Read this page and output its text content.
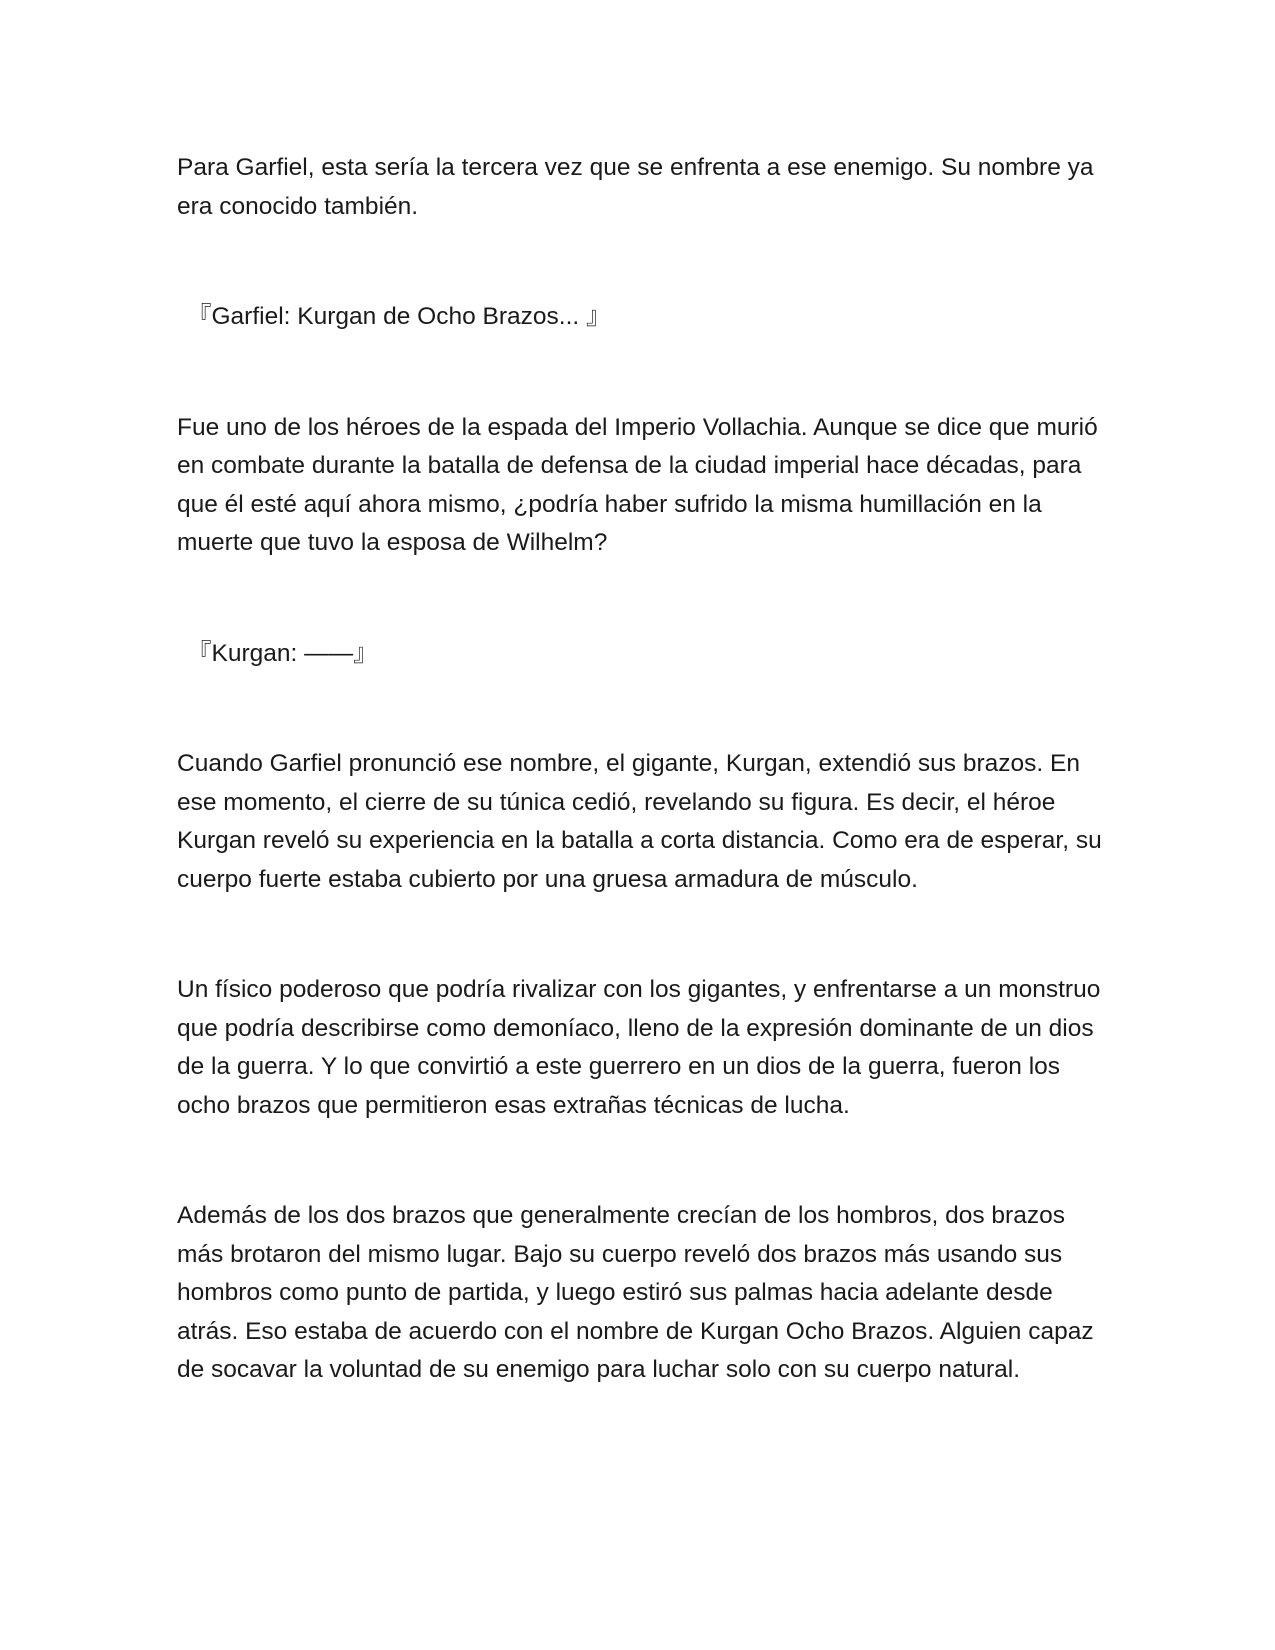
Para Garfiel, esta sería la tercera vez que se enfrenta a ese enemigo. Su nombre ya era conocido también.

『Garfiel: Kurgan de Ocho Brazos... 』

Fue uno de los héroes de la espada del Imperio Vollachia. Aunque se dice que murió en combate durante la batalla de defensa de la ciudad imperial hace décadas, para que él esté aquí ahora mismo, ¿podría haber sufrido la misma humillación en la muerte que tuvo la esposa de Wilhelm?

『Kurgan: ——』

Cuando Garfiel pronunció ese nombre, el gigante, Kurgan, extendió sus brazos. En ese momento, el cierre de su túnica cedió, revelando su figura. Es decir, el héroe Kurgan reveló su experiencia en la batalla a corta distancia. Como era de esperar, su cuerpo fuerte estaba cubierto por una gruesa armadura de músculo.

Un físico poderoso que podría rivalizar con los gigantes, y enfrentarse a un monstruo que podría describirse como demoníaco, lleno de la expresión dominante de un dios de la guerra. Y lo que convirtió a este guerrero en un dios de la guerra, fueron los ocho brazos que permitieron esas extrañas técnicas de lucha.

Además de los dos brazos que generalmente crecían de los hombros, dos brazos más brotaron del mismo lugar. Bajo su cuerpo reveló dos brazos más usando sus hombros como punto de partida, y luego estiró sus palmas hacia adelante desde atrás. Eso estaba de acuerdo con el nombre de Kurgan Ocho Brazos. Alguien capaz de socavar la voluntad de su enemigo para luchar solo con su cuerpo natural.
